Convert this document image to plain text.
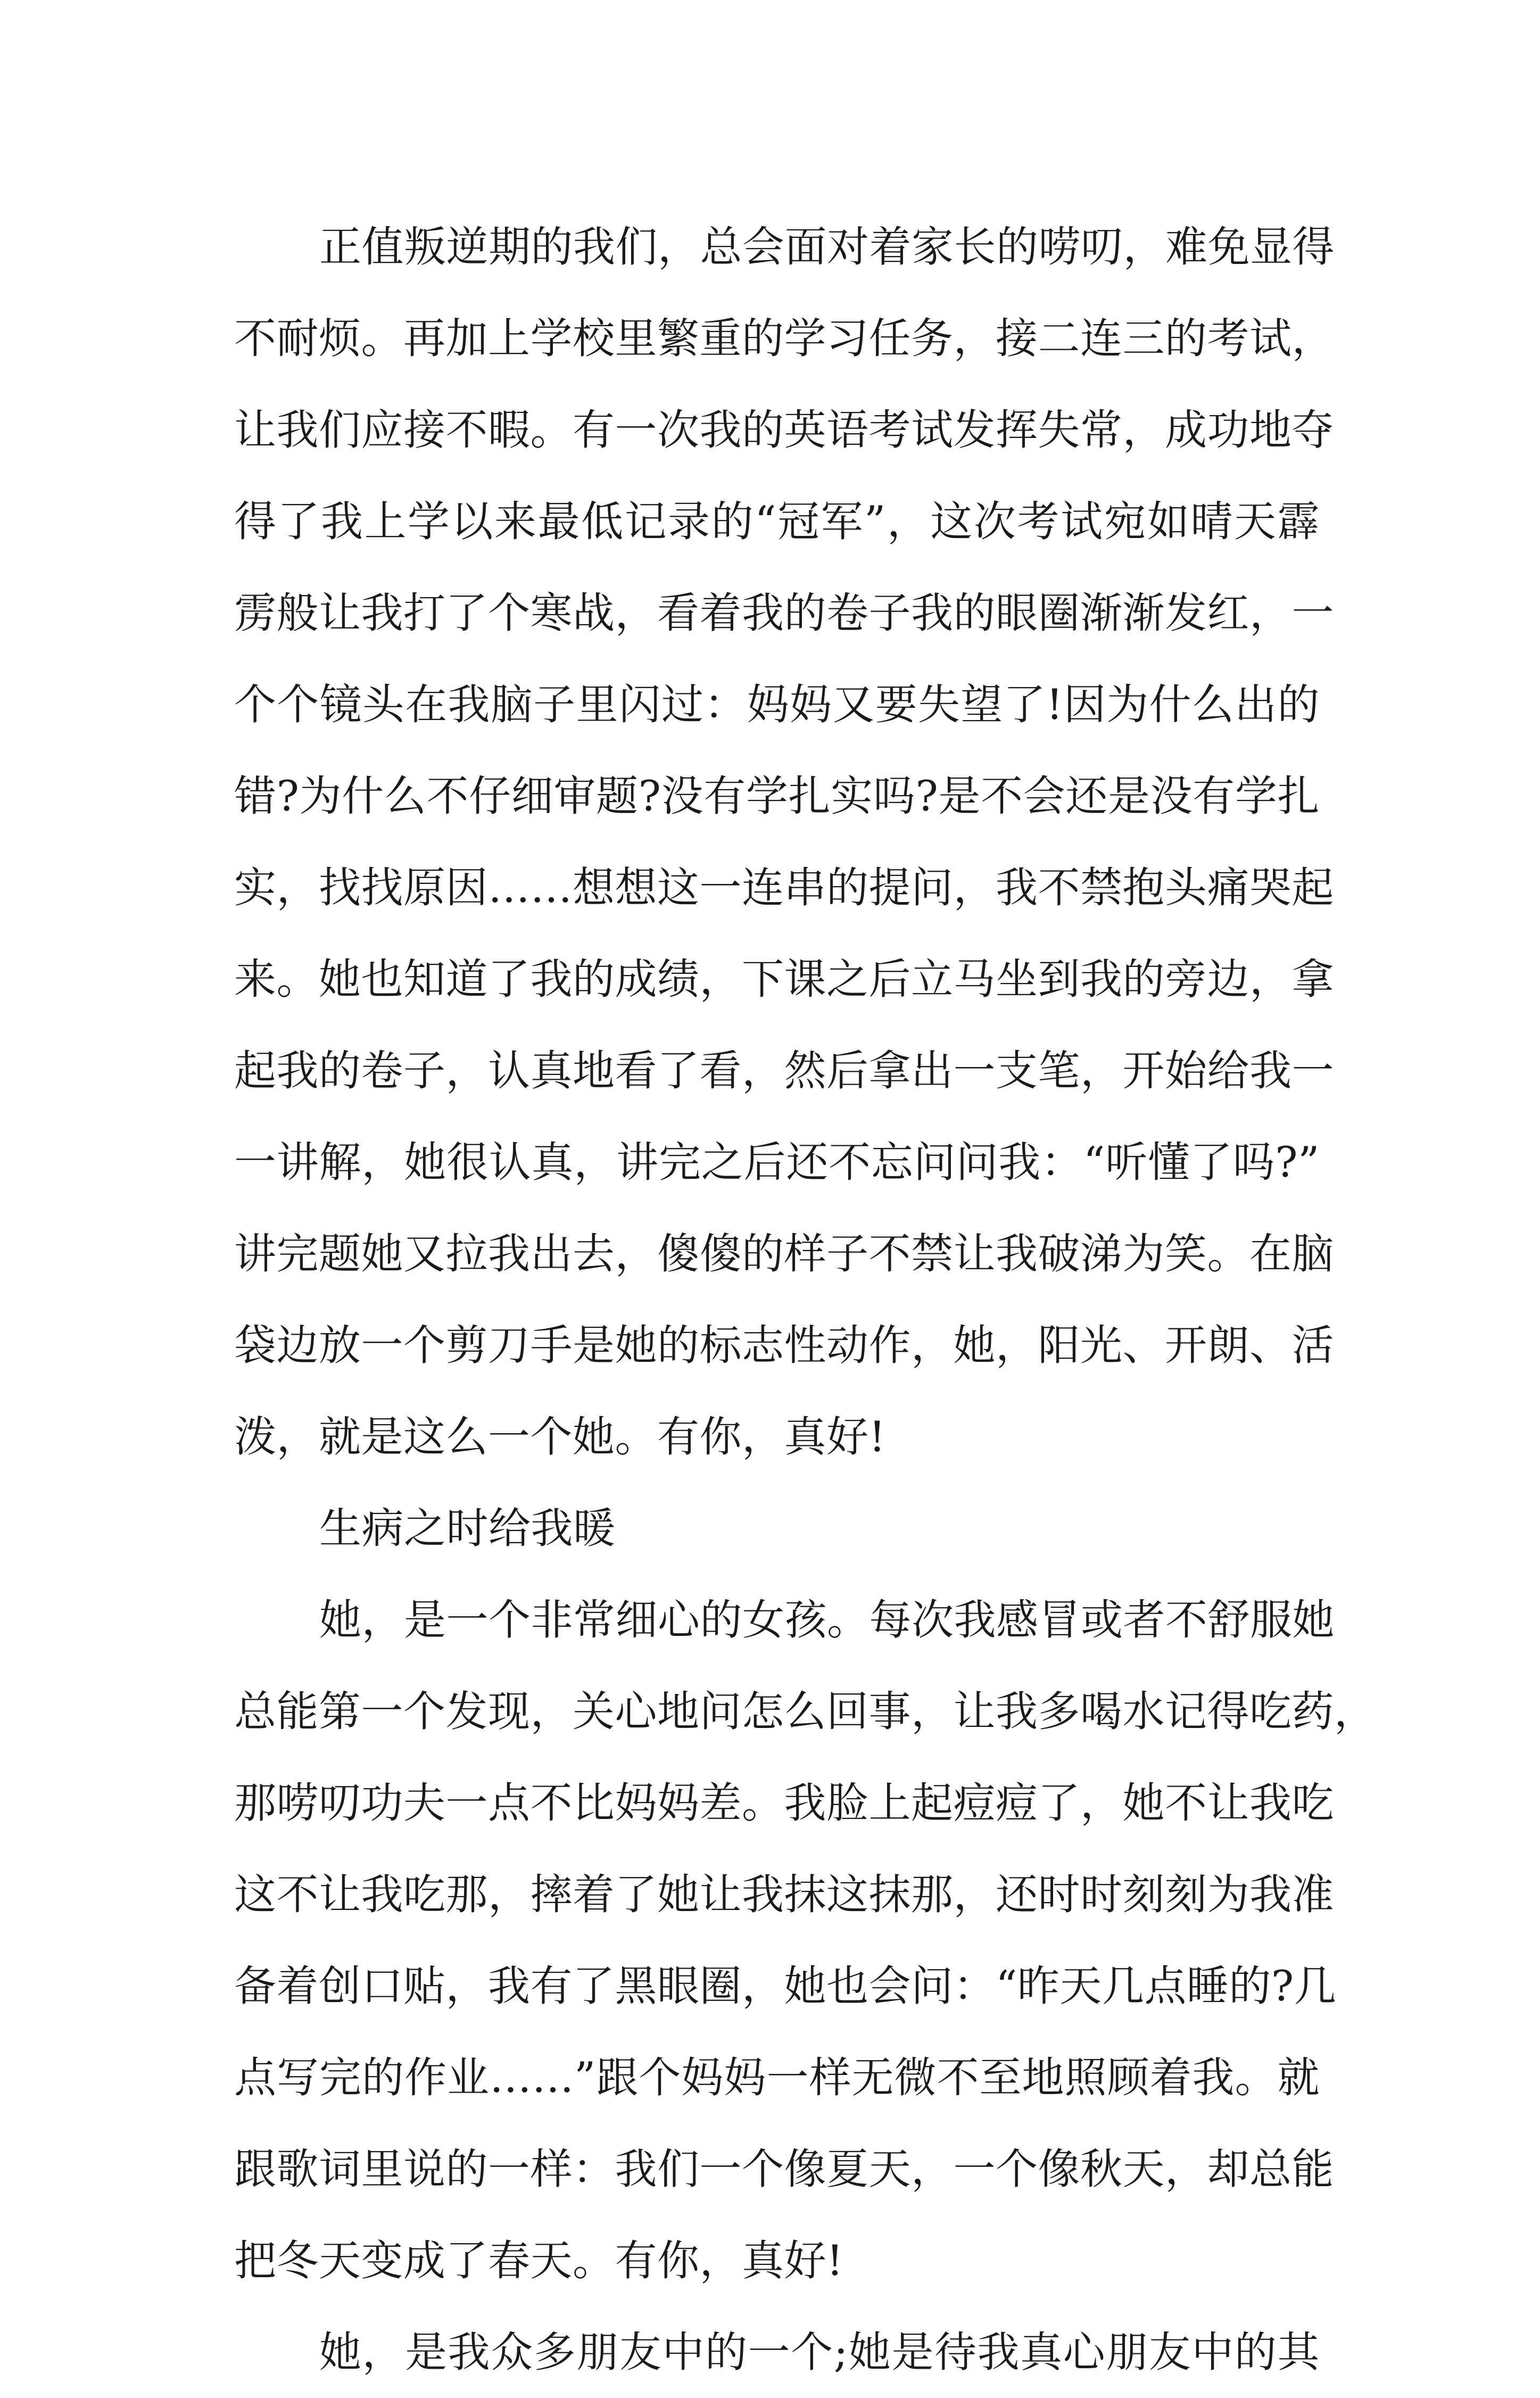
正值叛逆期的我们，总会面对着家长的唠叨，难免显得
不耐烦。再加上学校里繁重的学习任务，接二连三的考试，
让我们应接不暇。有一次我的英语考试发挥失常，成功地夺
得了我上学以来最低记录的“冠军”，这次考试宛如晴天霹
雳般让我打了个寒战，看着我的卷子我的眼圈渐渐发红，一
个个镜头在我脑子里闪过：妈妈又要失望了!因为什么出的
错?为什么不仔细审题?没有学扎实吗?是不会还是没有学扎
实，找找原因……想想这一连串的提问，我不禁抱头痛哭起
来。她也知道了我的成绩，下课之后立马坐到我的旁边，拿
起我的卷子，认真地看了看，然后拿出一支笔，开始给我一
一讲解，她很认真，讲完之后还不忘问问我：“听懂了吗?”
讲完题她又拉我出去，傻傻的样子不禁让我破涕为笑。在脑
袋边放一个剪刀手是她的标志性动作，她，阳光、开朗、活
泼，就是这么一个她。有你，真好!
生病之时给我暖
她，是一个非常细心的女孩。每次我感冒或者不舒服她
总能第一个发现，关心地问怎么回事，让我多喝水记得吃药，
那唠叨功夫一点不比妈妈差。我脸上起痘痘了，她不让我吃
这不让我吃那，摔着了她让我抹这抹那，还时时刻刻为我准
备着创口贴，我有了黑眼圈，她也会问：“昨天几点睡的?几
点写完的作业……”跟个妈妈一样无微不至地照顾着我。就
跟歌词里说的一样：我们一个像夏天，一个像秋天，却总能
把冬天变成了春天。有你，真好!
她，是我众多朋友中的一个;她是待我真心朋友中的其
